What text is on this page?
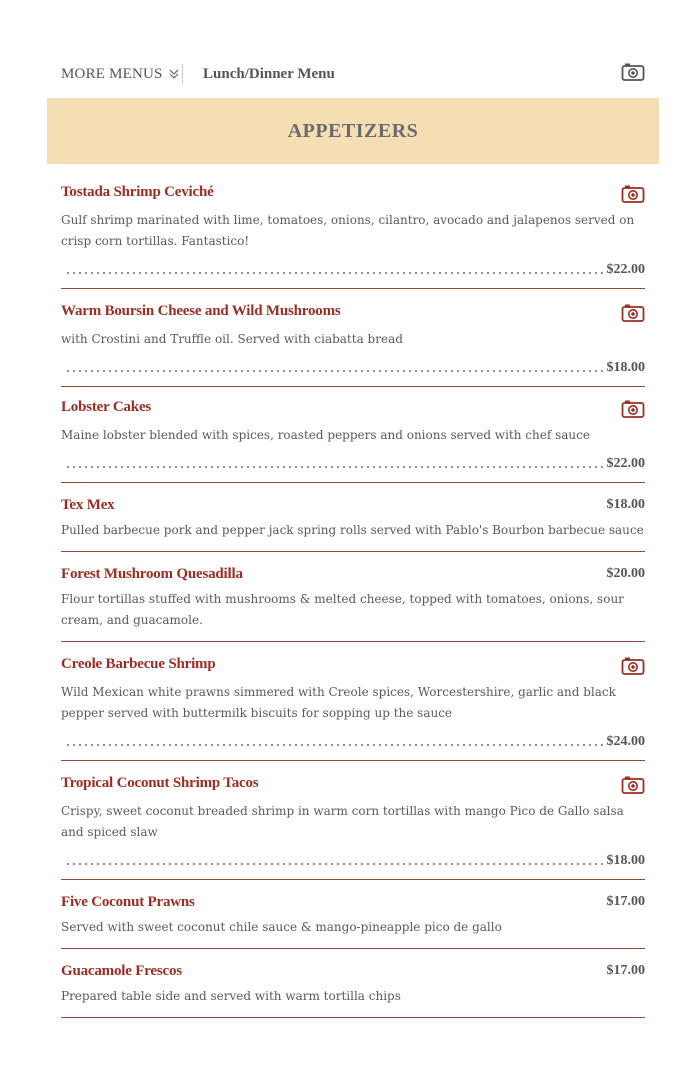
MORE MENUS	Lunch/Dinner Menu
APPETIZERS
Tostada Shrimp Ceviché
Gulf shrimp marinated with lime, tomatoes, onions, cilantro, avocado and jalapenos served on crisp corn tortillas. Fantastico!
$22.00
Warm Boursin Cheese and Wild Mushrooms
with Crostini and Truffle oil. Served with ciabatta bread
$18.00
Lobster Cakes
Maine lobster blended with spices, roasted peppers and onions served with chef sauce
$22.00
Tex Mex	$18.00
Pulled barbecue pork and pepper jack spring rolls served with Pablo's Bourbon barbecue sauce
Forest Mushroom Quesadilla	$20.00
Flour tortillas stuffed with mushrooms & melted cheese, topped with tomatoes, onions, sour cream, and guacamole.
Creole Barbecue Shrimp
Wild Mexican white prawns simmered with Creole spices, Worcestershire, garlic and black pepper served with buttermilk biscuits for sopping up the sauce
$24.00
Tropical Coconut Shrimp Tacos
Crispy, sweet coconut breaded shrimp in warm corn tortillas with mango Pico de Gallo salsa and spiced slaw
$18.00
Five Coconut Prawns	$17.00
Served with sweet coconut chile sauce & mango-pineapple pico de gallo
Guacamole Frescos	$17.00
Prepared table side and served with warm tortilla chips
